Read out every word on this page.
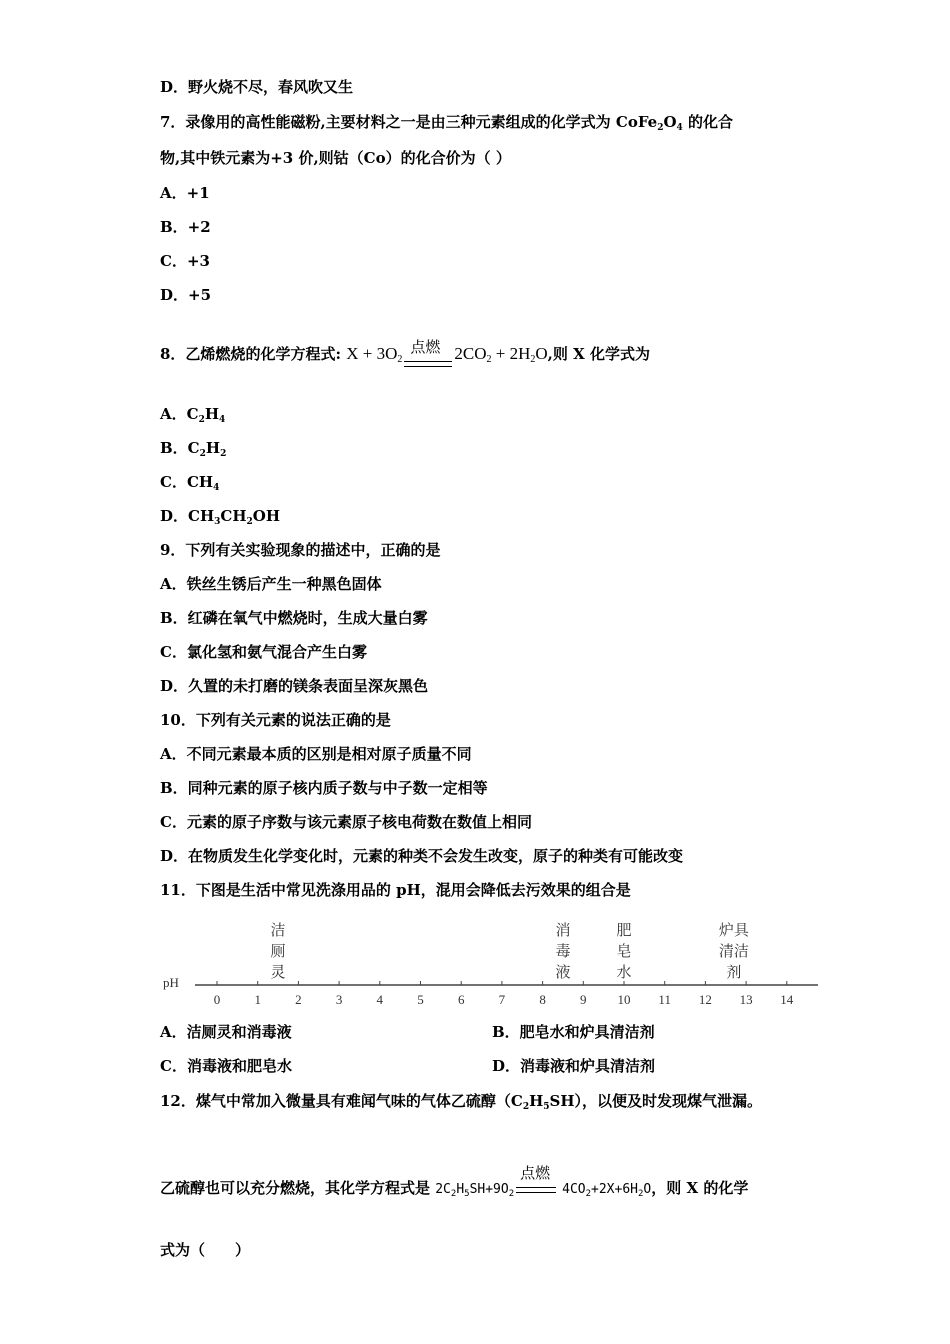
D．野火烧不尽，春风吹又生
7．录像用的高性能磁粉,主要材料之一是由三种元素组成的化学式为 $CoFe_2O_4$ 的化合
物,其中铁元素为+3 价,则钴（Co）的化合价为（ ）
A．+1
B．+2
C．+3
D．+5
8．乙烯燃烧的化学方程式: $X + 3O_2$
点燃 $2CO_2 + 2H_2O$,则 X 化学式为
A．$C_2H_4$
B．$C_2H_2$
C．$CH_4$
D．$CH_3CH_2OH$
9．下列有关实验现象的描述中，正确的是
A．铁丝生锈后产生一种黑色固体
B．红磷在氧气中燃烧时，生成大量白雾
C．氯化氢和氨气混合产生白雾
D．久置的未打磨的镁条表面呈深灰黑色
10．下列有关元素的说法正确的是
A．不同元素最本质的区别是相对原子质量不同
B．同种元素的原子核内质子数与中子数一定相等
C．元素的原子序数与该元素原子核电荷数在数值上相同
D．在物质发生化学变化时，元素的种类不会发生改变，原子的种类有可能改变
11．下图是生活中常见洗涤用品的 pH，混用会降低去污效果的组合是
pH
0	1	2	3	4	5	6	7	8	9 10 11 12 13 14
洁
厕
灵
消
毒
液
肥
皂
水
炉具
清洁
剂
A．洁厕灵和消毒液	B．肥皂水和炉具清洁剂
C．消毒液和肥皂水	D．消毒液和炉具清洁剂
12．煤气中常加入微量具有难闻气味的气体乙硫醇$(C_2H_5SH)$，以便及时发现煤气泄漏。
乙硫醇也可以充分燃烧，其化学方程式是 $2C_2H_5SH+9O_2$
点燃
$4CO_2+2X+6H_2O$，则 X 的化学
式为（　　）
